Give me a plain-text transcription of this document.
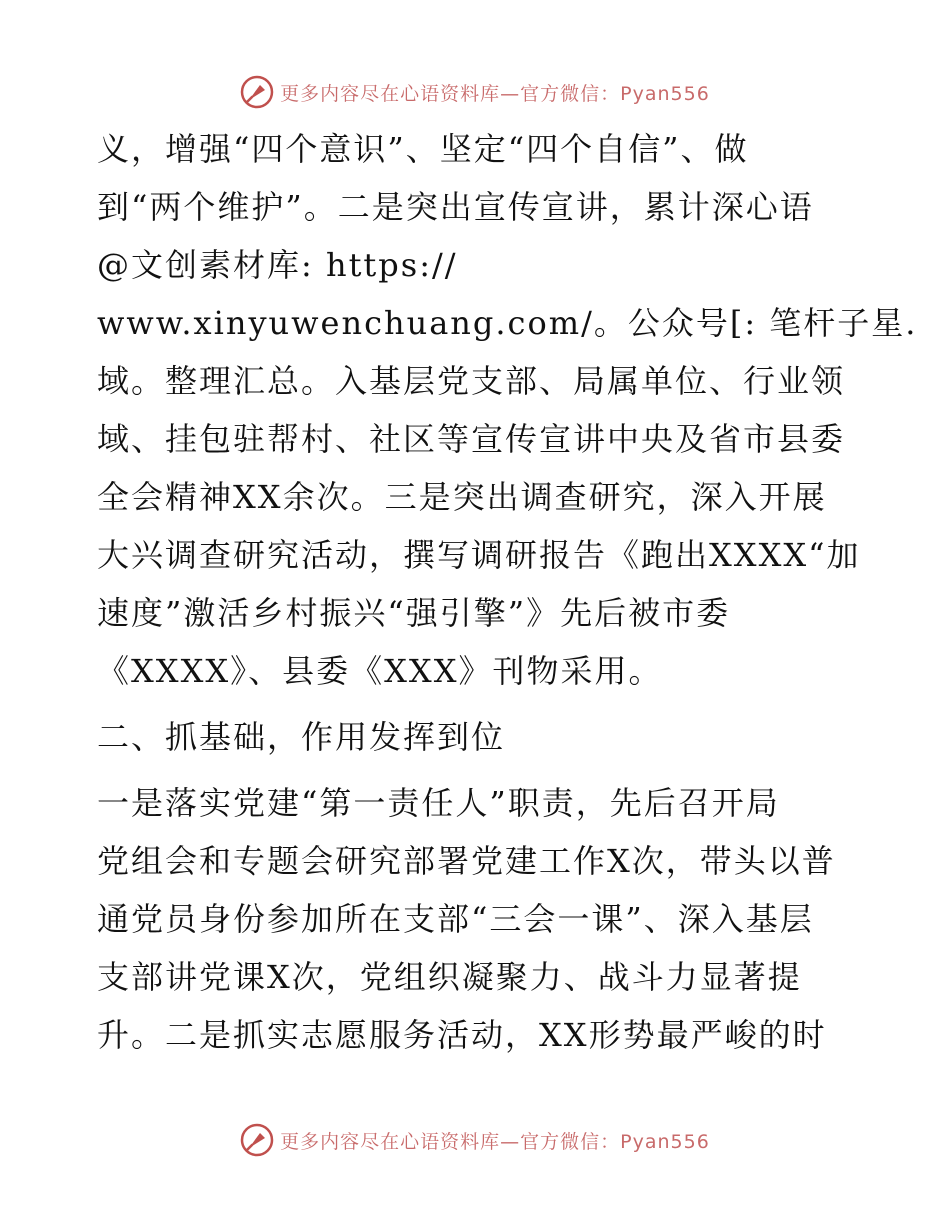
更多内容尽在心语资料库—官方微信：Pyan556

义，增强“四个意识”、坚定“四个自信”、做
到“两个维护”。二是突出宣传宣讲，累计深心语
@文创素材库: https://
www.xinyuwenchuang.com/。公众号[: 笔杆子星.
域。整理汇总。入基层党支部、局属单位、行业领
域、挂包驻帮村、社区等宣传宣讲中央及省市县委
全会精神XX余次。三是突出调查研究，深入开展
大兴调查研究活动，撰写调研报告《跑出XXXX“加
速度”激活乡村振兴“强引擎”》先后被市委
《XXXX》、县委《XXX》刊物采用。

二、抓基础，作用发挥到位

一是落实党建“第一责任人”职责，先后召开局
党组会和专题会研究部署党建工作X次，带头以普
通党员身份参加所在支部“三会一课”、深入基层
支部讲党课X次，党组织凝聚力、战斗力显著提
升。二是抓实志愿服务活动，XX形势最严峻的时

更多内容尽在心语资料库—官方微信：Pyan556
